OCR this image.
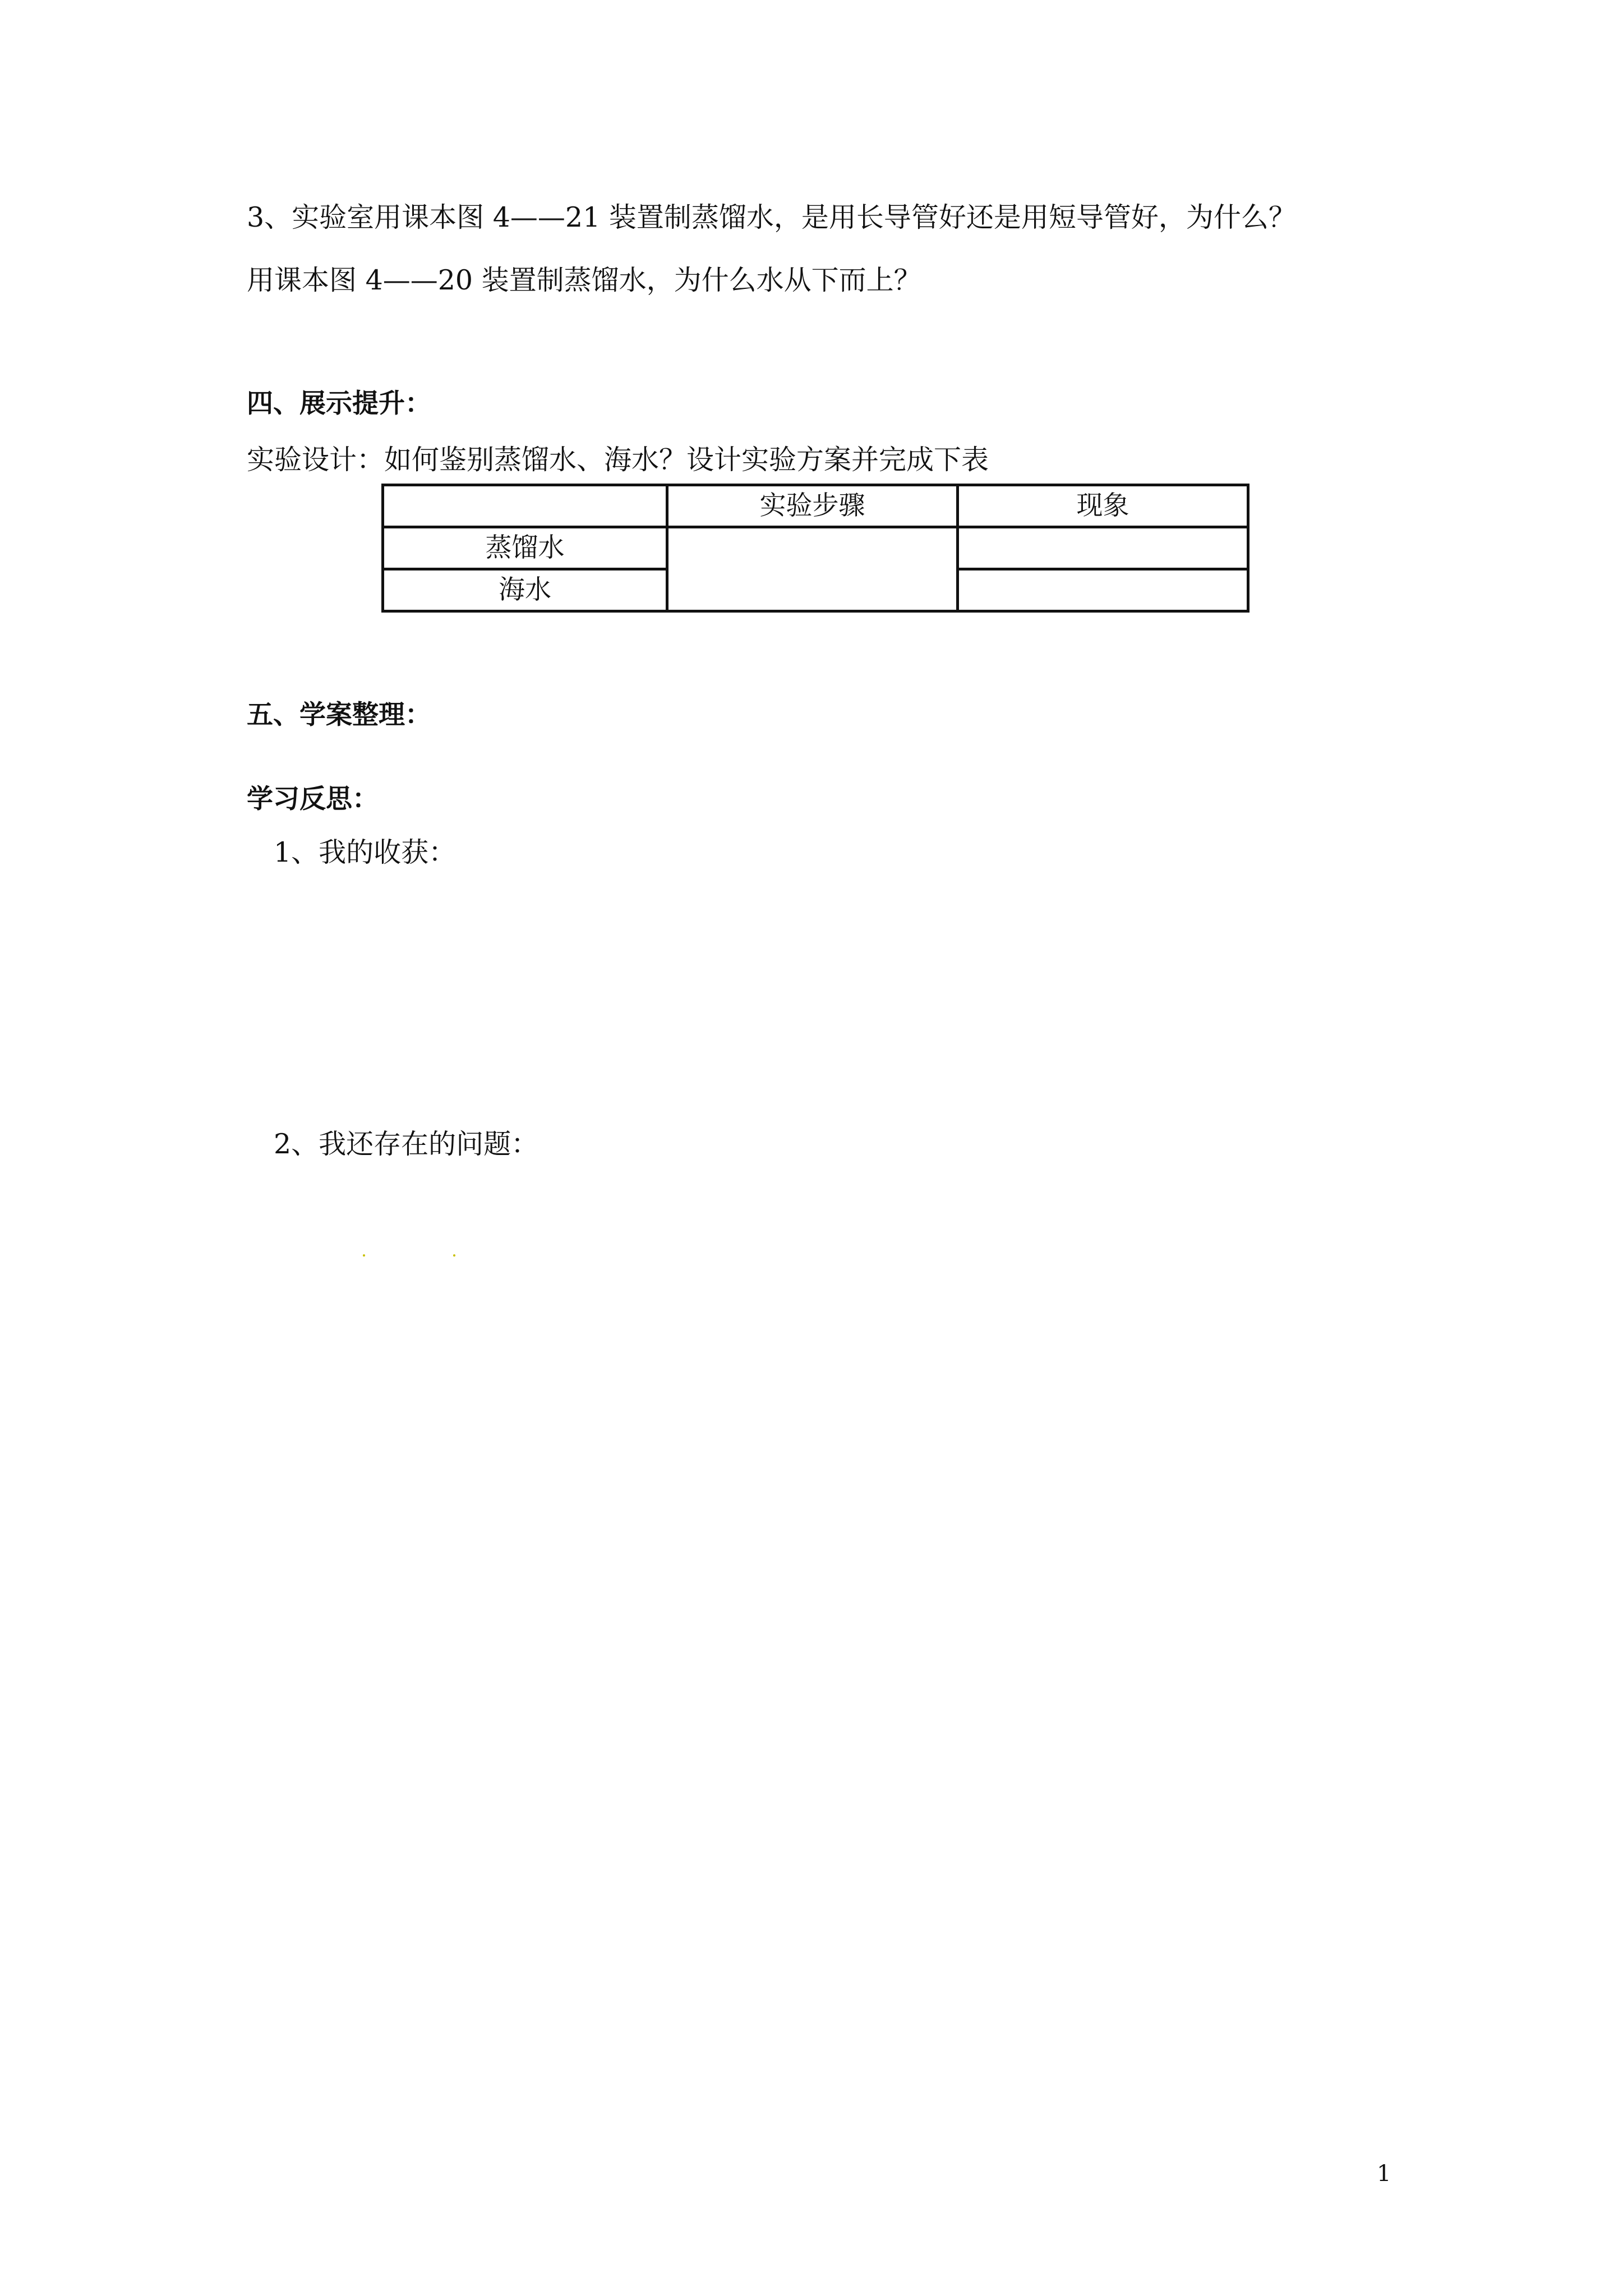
3、实验室用课本图 4——21 装置制蒸馏水，是用长导管好还是用短导管好，为什么？
用课本图 4——20 装置制蒸馏水，为什么水从下而上？
四、展示提升：
实验设计：如何鉴别蒸馏水、海水？设计实验方案并完成下表
	实验步骤	现象
蒸馏水		
海水		
五、学案整理：
学习反思：
1、我的收获：
2、我还存在的问题：
1
